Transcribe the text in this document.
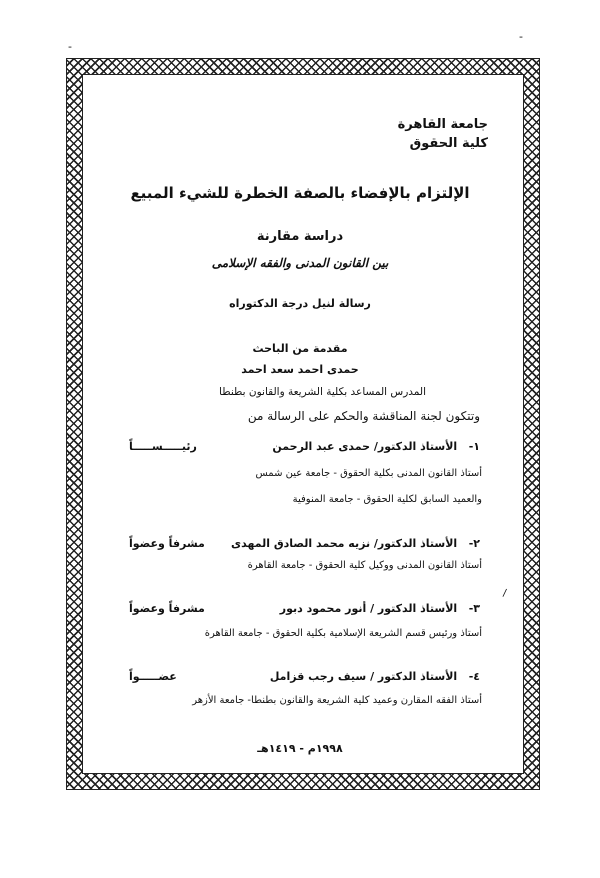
-
-
جامعة القاهرة
كلية الحقوق
الإلتزام بالإفضاء بالصفة الخطرة للشيء المبيع
دراسة مقارنة
بين القانون المدنى والفقه الإسلامى
رسالة لنيل درجة الدكتوراه
مقدمة من الباحث
حمدى احمد سعد احمد
المدرس المساعد بكلية الشريعة والقانون بطنطا
وتتكون لجنة المناقشة والحكم على الرسالة من
١-   الأستاذ الدكتور/ حمدى عبد الرحمن
رئيـــــســـــاً
أستاذ القانون المدنى بكلية الحقوق - جامعة عين شمس
والعميد السابق لكلية الحقوق - جامعة المنوفية
٢-   الأستاذ الدكتور/ نزيه محمد الصادق المهدى
مشرفاً وعضواً
أستاذ القانون المدنى ووكيل كلية الحقوق - جامعة القاهرة
/
٣-   الأستاذ الدكتور / أنور محمود دبور
مشرفاً وعضواً
أستاذ ورئيس قسم الشريعة الإسلامية بكلية الحقوق - جامعة القاهرة
٤-   الأستاذ الدكتور / سيف رجب قزامل
عضـــــواً
أستاذ الفقه المقارن وعميد كلية الشريعة والقانون بطنطا- جامعة الأزهر
١٩٩٨م - ١٤١٩هـ
